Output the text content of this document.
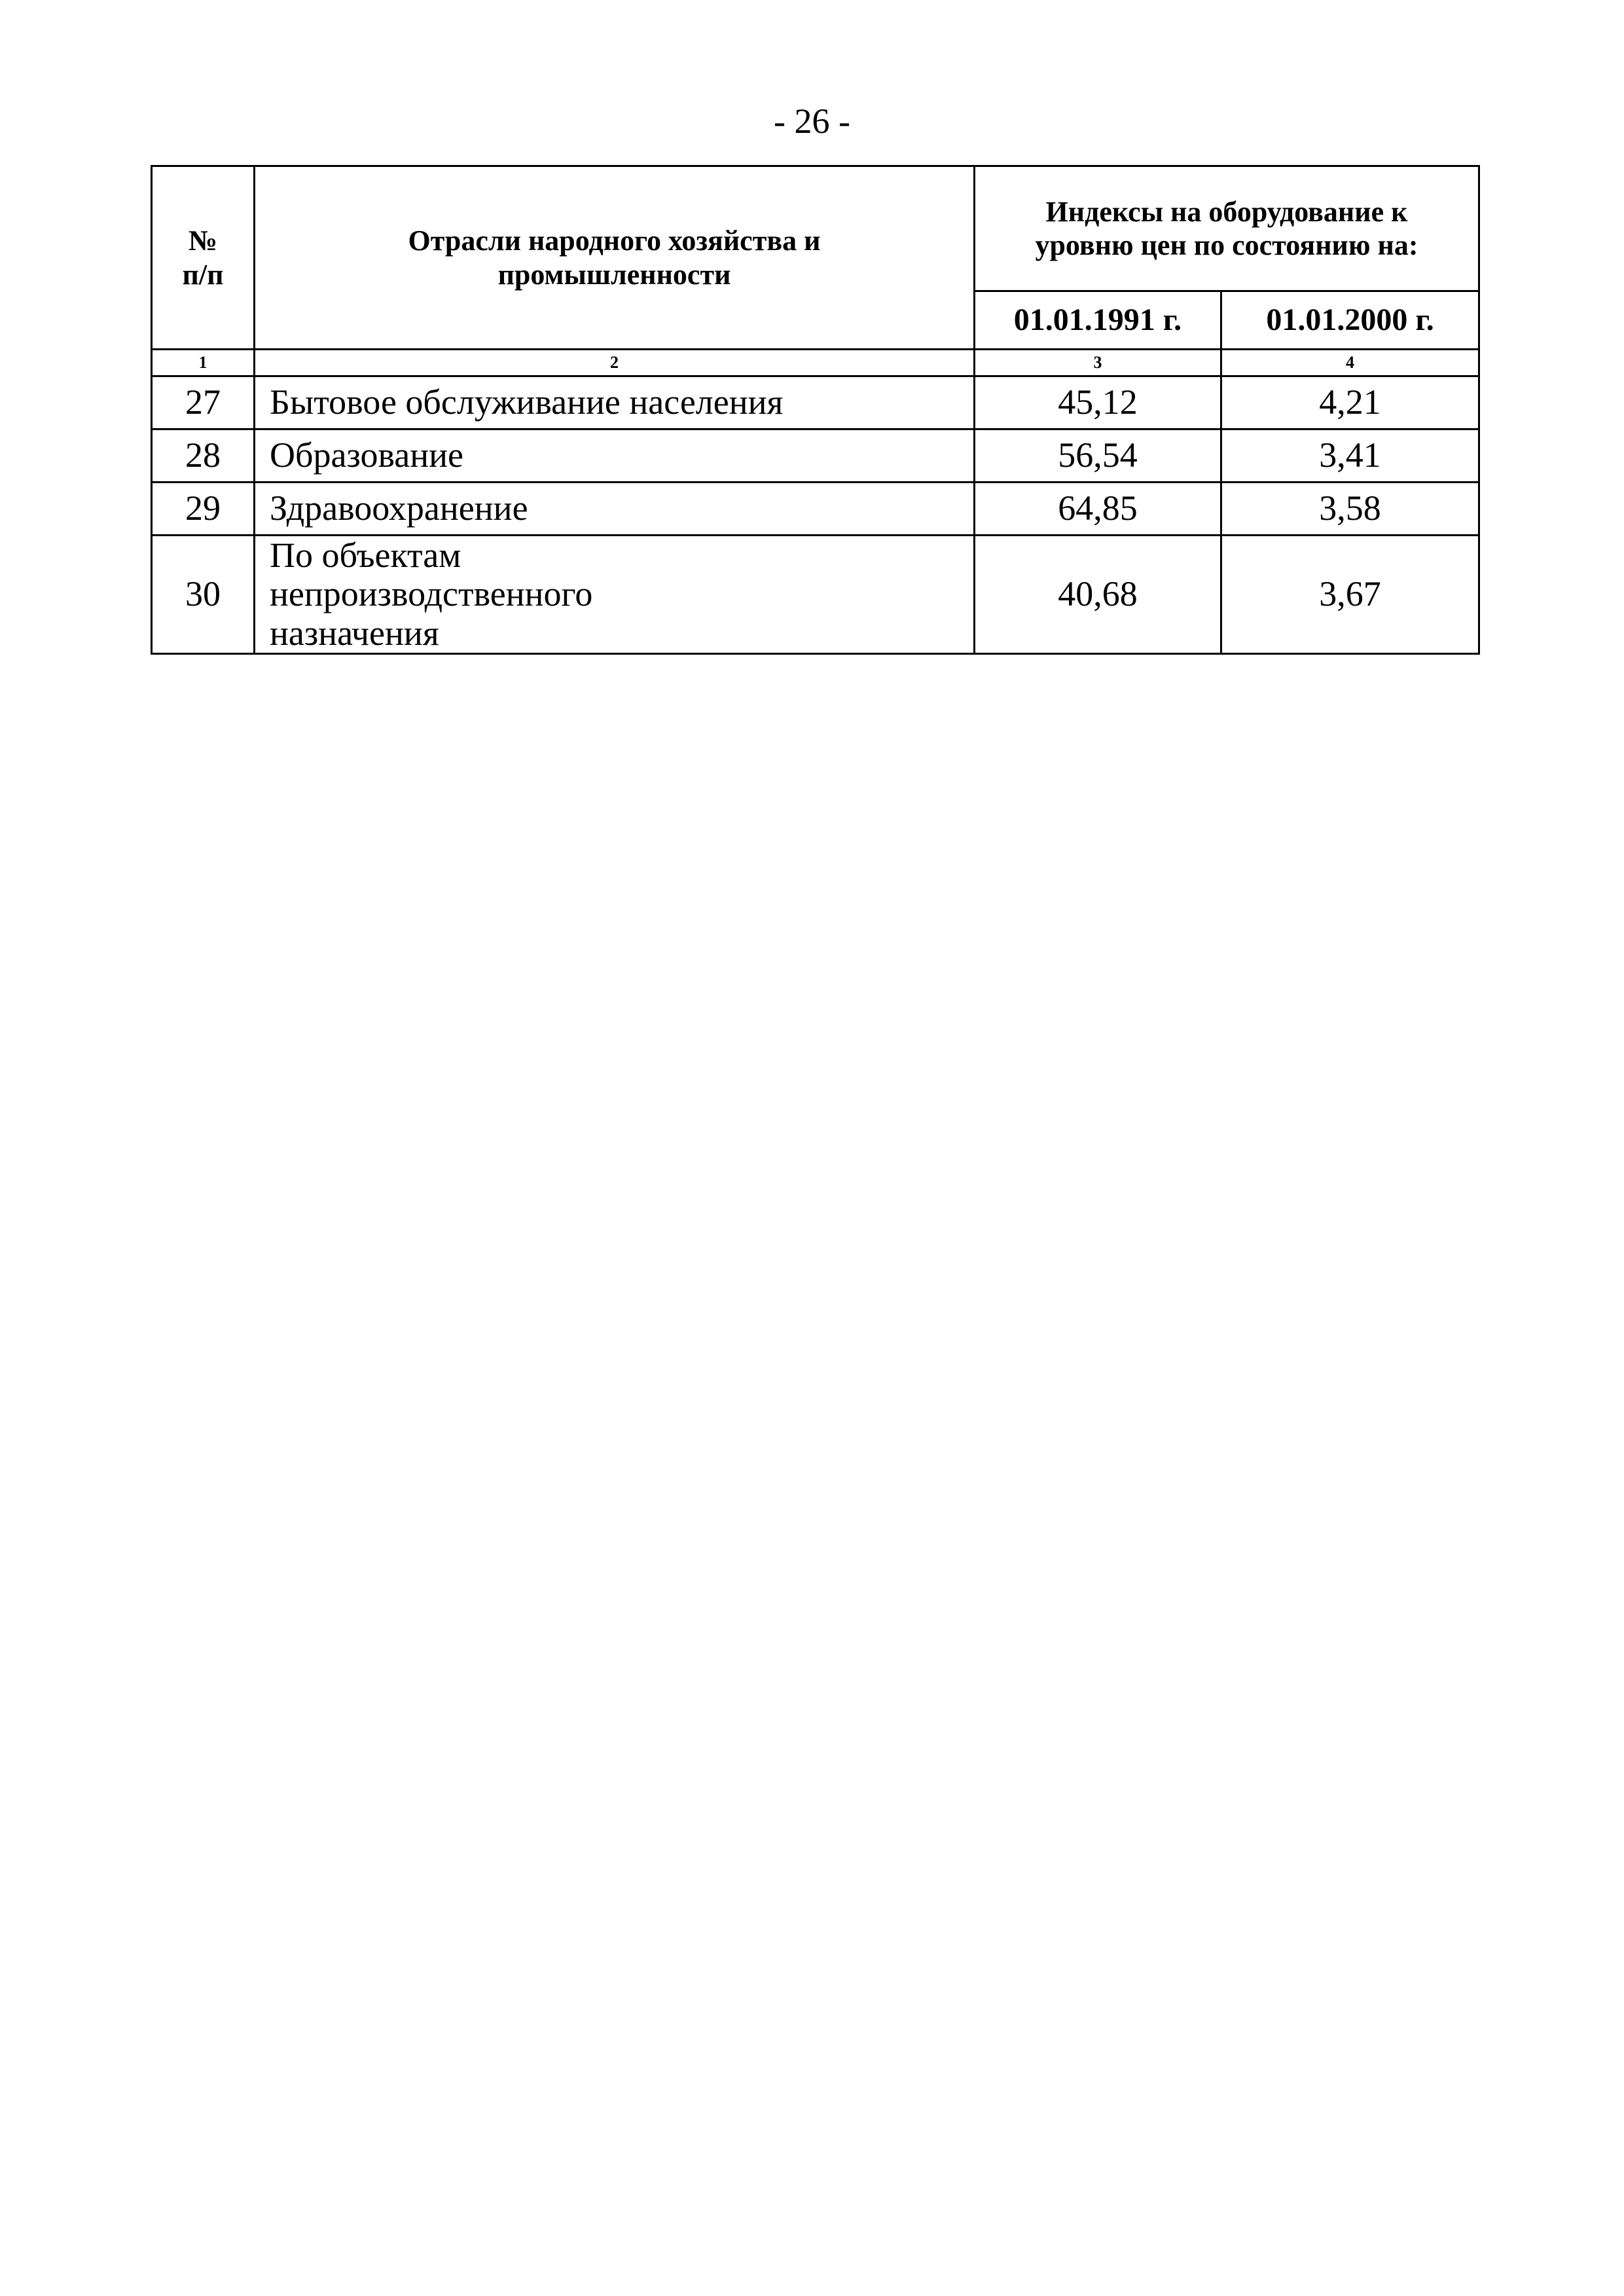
- 26 -
№
п/п	Отрасли народного хозяйства и промышленности	Индексы на оборудование к уровню цен по состоянию на:	
		01.01.1991 г.	01.01.2000 г.
1	2	3	4
27	Бытовое обслуживание населения	45,12	4,21
28	Образование	56,54	3,41
29	Здравоохранение	64,85	3,58
30	По объектам непроизводственного назначения	40,68	3,67
